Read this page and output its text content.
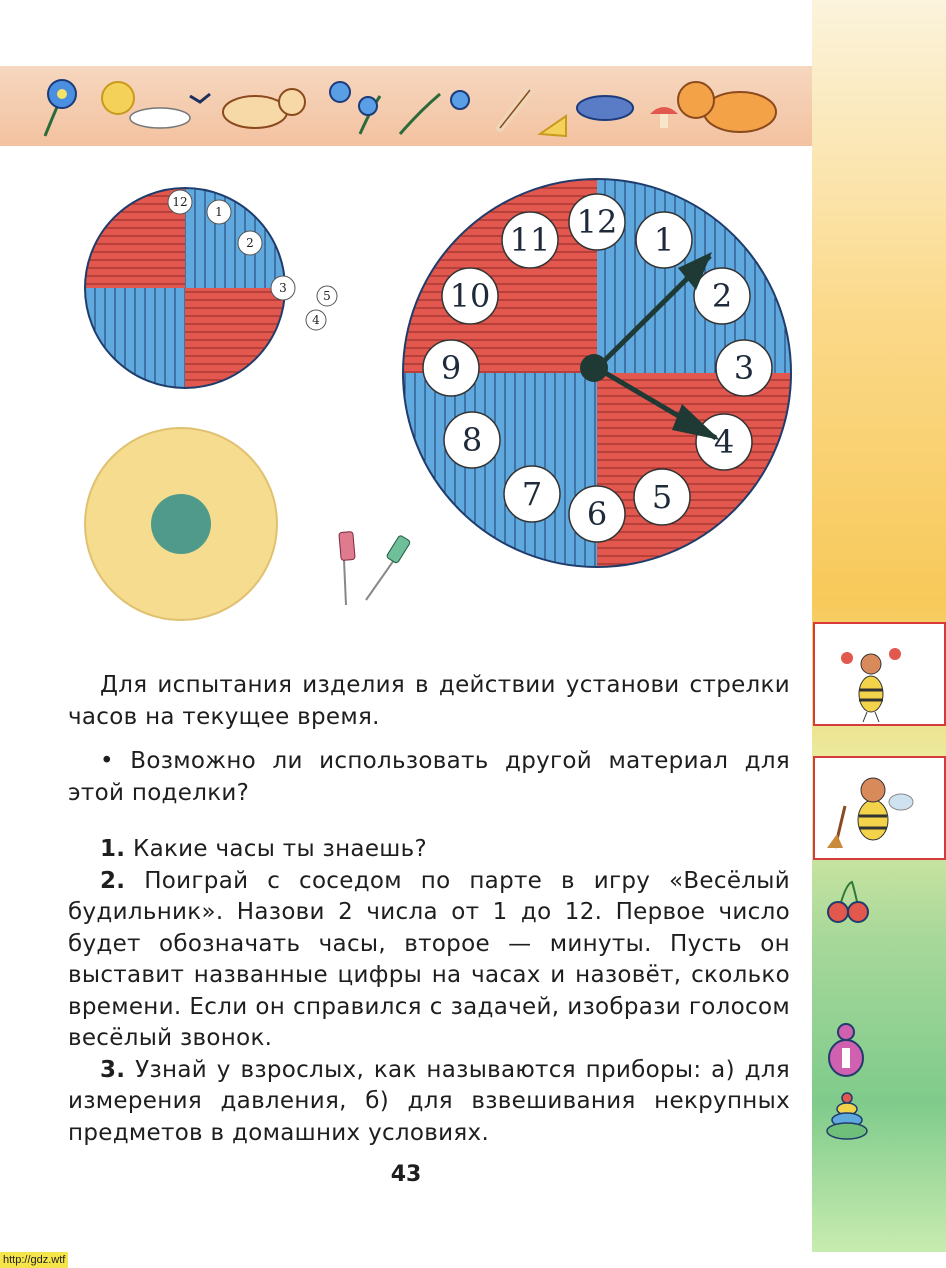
12
1
2
3
5
4
12 1
2
3
4
5
6
7
8
9
10
11

Для испытания изделия в действии установи стрелки часов на текущее время.

• Возможно ли использовать другой материал для этой поделки?

1. Какие часы ты знаешь?

2. Поиграй с соседом по парте в игру «Весёлый будильник». Назови 2 числа от 1 до 12. Первое число будет обозначать часы, второе — минуты. Пусть он выставит названные цифры на часах и назовёт, сколько времени. Если он справился с задачей, изобрази голосом весёлый звонок.

3. Узнай у взрослых, как называются приборы: а) для измерения давления, б) для взвешивания некрупных предметов в домашних условиях.

43
http://gdz.wtf
